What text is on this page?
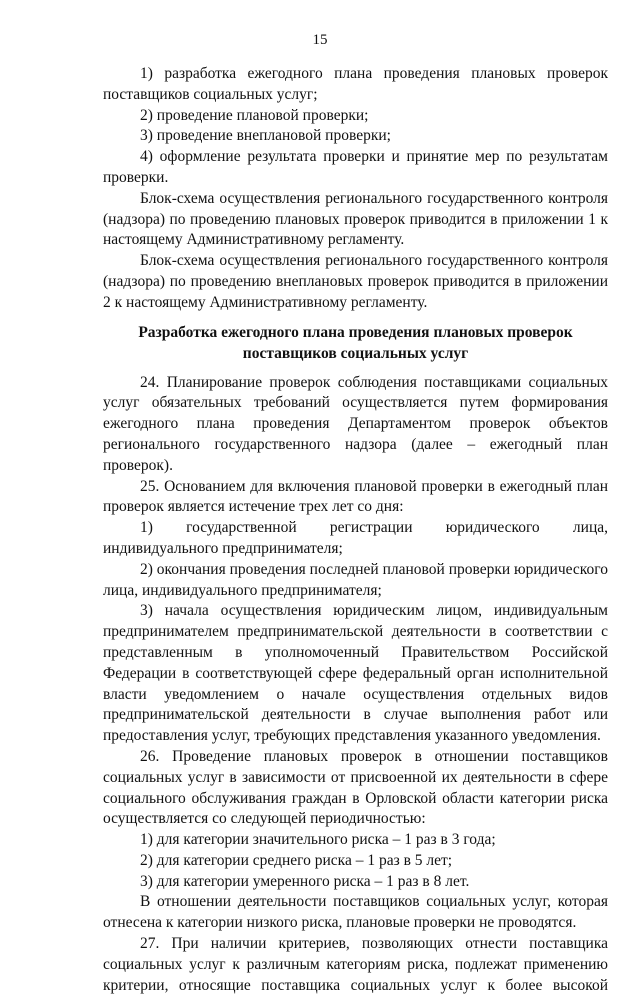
15

1) разработка ежегодного плана проведения плановых проверок поставщиков социальных услуг;

2) проведение плановой проверки;

3) проведение внеплановой проверки;

4) оформление результата проверки и принятие мер по результатам проверки.

Блок-схема осуществления регионального государственного контроля (надзора) по проведению плановых проверок приводится в приложении 1 к настоящему Административному регламенту.

Блок-схема осуществления регионального государственного контроля (надзора) по проведению внеплановых проверок приводится в приложении 2 к настоящему Административному регламенту.

Разработка ежегодного плана проведения плановых проверок поставщиков социальных услуг

24. Планирование проверок соблюдения поставщиками социальных услуг обязательных требований осуществляется путем формирования ежегодного плана проведения Департаментом проверок объектов регионального государственного надзора (далее – ежегодный план проверок).

25. Основанием для включения плановой проверки в ежегодный план проверок является истечение трех лет со дня:

1) государственной регистрации юридического лица, индивидуального предпринимателя;

2) окончания проведения последней плановой проверки юридического лица, индивидуального предпринимателя;

3) начала осуществления юридическим лицом, индивидуальным предпринимателем предпринимательской деятельности в соответствии с представленным в уполномоченный Правительством Российской Федерации в соответствующей сфере федеральный орган исполнительной власти уведомлением о начале осуществления отдельных видов предпринимательской деятельности в случае выполнения работ или предоставления услуг, требующих представления указанного уведомления.

26. Проведение плановых проверок в отношении поставщиков социальных услуг в зависимости от присвоенной их деятельности в сфере социального обслуживания граждан в Орловской области категории риска осуществляется со следующей периодичностью:

1) для категории значительного риска – 1 раз в 3 года;

2) для категории среднего риска – 1 раз в 5 лет;

3) для категории умеренного риска – 1 раз в 8 лет.

В отношении деятельности поставщиков социальных услуг, которая отнесена к категории низкого риска, плановые проверки не проводятся.

27. При наличии критериев, позволяющих отнести поставщика социальных услуг к различным категориям риска, подлежат применению критерии, относящие поставщика социальных услуг к более высокой
